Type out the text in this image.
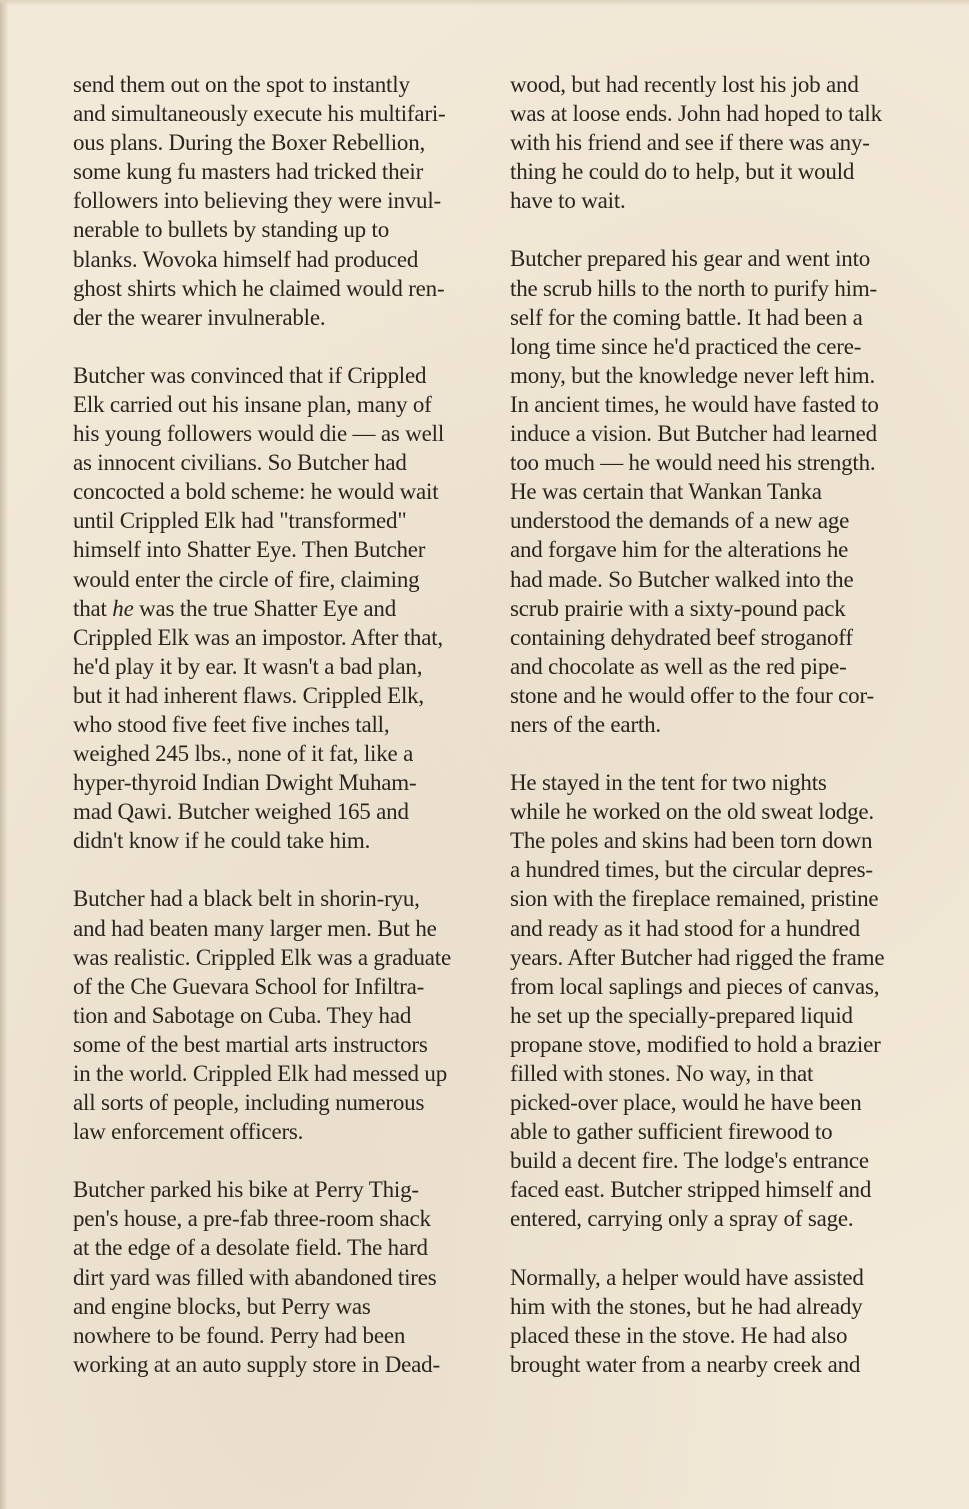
send them out on the spot to instantly
and simultaneously execute his multifari-
ous plans. During the Boxer Rebellion,
some kung fu masters had tricked their
followers into believing they were invul-
nerable to bullets by standing up to
blanks. Wovoka himself had produced
ghost shirts which he claimed would ren-
der the wearer invulnerable.
Butcher was convinced that if Crippled
Elk carried out his insane plan, many of
his young followers would die — as well
as innocent civilians. So Butcher had
concocted a bold scheme: he would wait
until Crippled Elk had "transformed"
himself into Shatter Eye. Then Butcher
would enter the circle of fire, claiming
that he was the true Shatter Eye and
Crippled Elk was an impostor. After that,
he'd play it by ear. It wasn't a bad plan,
but it had inherent flaws. Crippled Elk,
who stood five feet five inches tall,
weighed 245 lbs., none of it fat, like a
hyper-thyroid Indian Dwight Muham-
mad Qawi. Butcher weighed 165 and
didn't know if he could take him.
Butcher had a black belt in shorin-ryu,
and had beaten many larger men. But he
was realistic. Crippled Elk was a graduate
of the Che Guevara School for Infiltra-
tion and Sabotage on Cuba. They had
some of the best martial arts instructors
in the world. Crippled Elk had messed up
all sorts of people, including numerous
law enforcement officers.
Butcher parked his bike at Perry Thig-
pen's house, a pre-fab three-room shack
at the edge of a desolate field. The hard
dirt yard was filled with abandoned tires
and engine blocks, but Perry was
nowhere to be found. Perry had been
working at an auto supply store in Dead-
wood, but had recently lost his job and
was at loose ends. John had hoped to talk
with his friend and see if there was any-
thing he could do to help, but it would
have to wait.
Butcher prepared his gear and went into
the scrub hills to the north to purify him-
self for the coming battle. It had been a
long time since he'd practiced the cere-
mony, but the knowledge never left him.
In ancient times, he would have fasted to
induce a vision. But Butcher had learned
too much — he would need his strength.
He was certain that Wankan Tanka
understood the demands of a new age
and forgave him for the alterations he
had made. So Butcher walked into the
scrub prairie with a sixty-pound pack
containing dehydrated beef stroganoff
and chocolate as well as the red pipe-
stone and he would offer to the four cor-
ners of the earth.
He stayed in the tent for two nights
while he worked on the old sweat lodge.
The poles and skins had been torn down
a hundred times, but the circular depres-
sion with the fireplace remained, pristine
and ready as it had stood for a hundred
years. After Butcher had rigged the frame
from local saplings and pieces of canvas,
he set up the specially-prepared liquid
propane stove, modified to hold a brazier
filled with stones. No way, in that
picked-over place, would he have been
able to gather sufficient firewood to
build a decent fire. The lodge's entrance
faced east. Butcher stripped himself and
entered, carrying only a spray of sage.
Normally, a helper would have assisted
him with the stones, but he had already
placed these in the stove. He had also
brought water from a nearby creek and
